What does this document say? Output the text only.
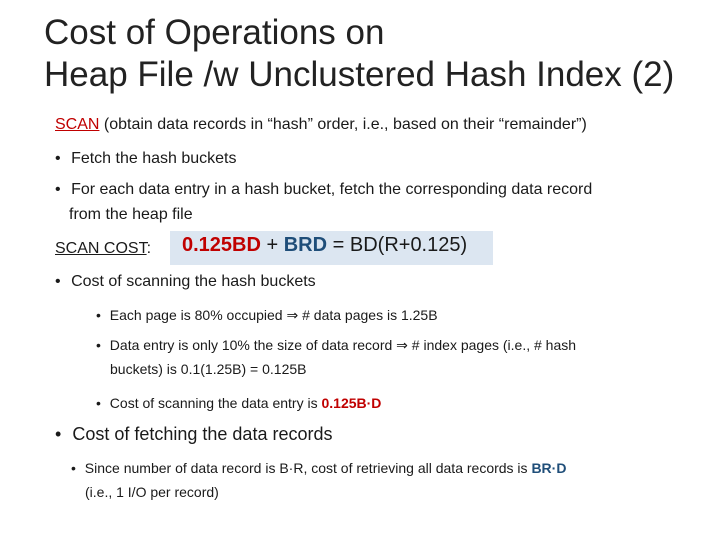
Cost of Operations on
Heap File /w Unclustered Hash Index (2)
SCAN (obtain data records in “hash” order, i.e., based on their “remainder”)
• Fetch the hash buckets
• For each data entry in a hash bucket, fetch the corresponding data record
from the heap file
SCAN COST: 0.125BD + BRD = BD(R+0.125)
• Cost of scanning the hash buckets
• Each page is 80% occupied ⇒ # data pages is 1.25B
• Data entry is only 10% the size of data record ⇒ # index pages (i.e., # hash
buckets) is 0.1(1.25B) = 0.125B
• Cost of scanning the data entry is 0.125B·D
• Cost of fetching the data records
• Since number of data record is B·R, cost of retrieving all data records is BR·D
(i.e., 1 I/O per record)
